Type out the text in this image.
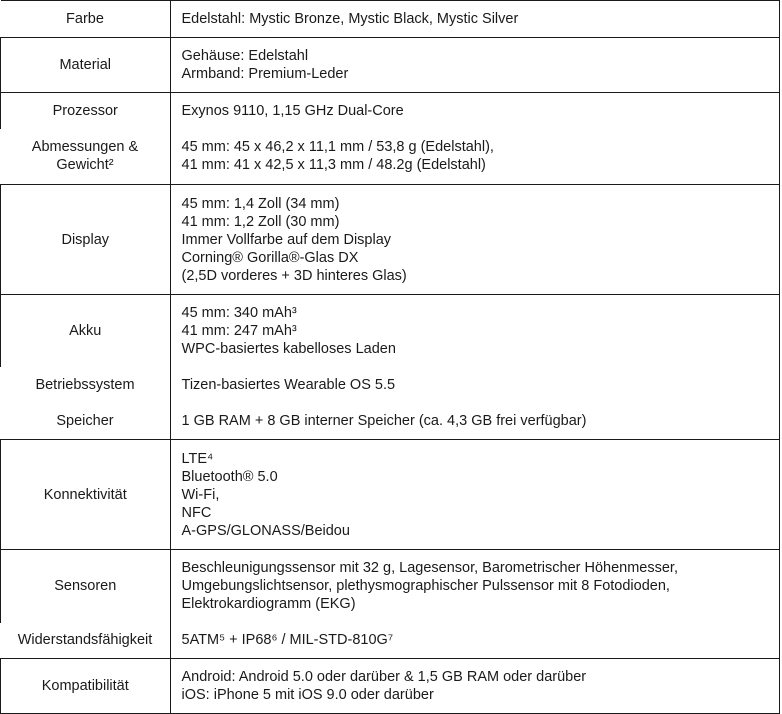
Farbe	Edelstahl: Mystic Bronze, Mystic Black, Mystic Silver

Material	Gehäuse: Edelstahl
Armband: Premium-Leder

Prozessor	Exynos 9110, 1,15 GHz Dual-Core

Abmessungen & Gewicht²	45 mm: 45 x 46,2 x 11,1 mm / 53,8 g (Edelstahl),
41 mm: 41 x 42,5 x 11,3 mm / 48.2g (Edelstahl)

Display	45 mm: 1,4 Zoll (34 mm)
41 mm: 1,2 Zoll (30 mm)
Immer Vollfarbe auf dem Display
Corning® Gorilla®-Glas DX
(2,5D vorderes + 3D hinteres Glas)

Akku	45 mm: 340 mAh³
41 mm: 247 mAh³
WPC-basiertes kabelloses Laden

Betriebssystem	Tizen-basiertes Wearable OS 5.5

Speicher	1 GB RAM + 8 GB interner Speicher (ca. 4,3 GB frei verfügbar)

Konnektivität	LTE⁴
Bluetooth® 5.0
Wi-Fi,
NFC
A-GPS/GLONASS/Beidou

Sensoren	Beschleunigungssensor mit 32 g, Lagesensor, Barometrischer Höhenmesser,
Umgebungslichtsensor, plethysmographischer Pulssensor mit 8 Fotodioden,
Elektrokardiogramm (EKG)

Widerstandsfähigkeit	5ATM⁵ + IP68⁶ / MIL-STD-810G⁷

Kompatibilität	Android: Android 5.0 oder darüber & 1,5 GB RAM oder darüber
iOS: iPhone 5 mit iOS 9.0 oder darüber
